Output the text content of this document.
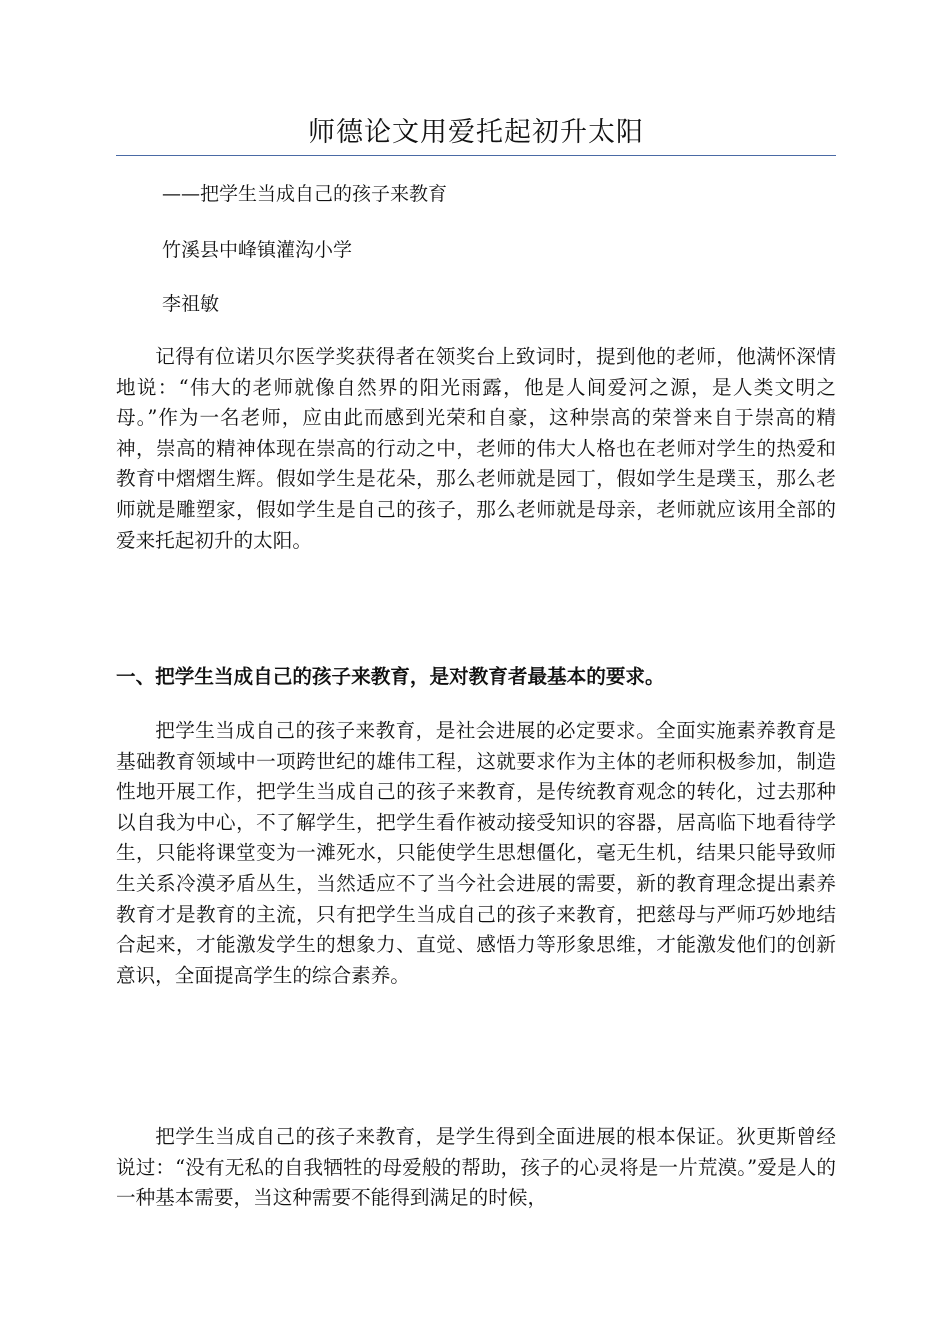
师德论文用爱托起初升太阳

——把学生当成自己的孩子来教育

竹溪县中峰镇灌沟小学

李祖敏

记得有位诺贝尔医学奖获得者在领奖台上致词时，提到他的老师，他满怀深情地说：“伟大的老师就像自然界的阳光雨露，他是人间爱河之源，是人类文明之母。”作为一名老师，应由此而感到光荣和自豪，这种崇高的荣誉来自于崇高的精神，崇高的精神体现在崇高的行动之中，老师的伟大人格也在老师对学生的热爱和教育中熠熠生辉。假如学生是花朵，那么老师就是园丁，假如学生是璞玉，那么老师就是雕塑家，假如学生是自己的孩子，那么老师就是母亲，老师就应该用全部的爱来托起初升的太阳。

一、把学生当成自己的孩子来教育，是对教育者最基本的要求。

把学生当成自己的孩子来教育，是社会进展的必定要求。全面实施素养教育是基础教育领域中一项跨世纪的雄伟工程，这就要求作为主体的老师积极参加，制造性地开展工作，把学生当成自己的孩子来教育，是传统教育观念的转化，过去那种以自我为中心，不了解学生，把学生看作被动接受知识的容器，居高临下地看待学生，只能将课堂变为一滩死水，只能使学生思想僵化，毫无生机，结果只能导致师生关系冷漠矛盾丛生，当然适应不了当今社会进展的需要，新的教育理念提出素养教育才是教育的主流，只有把学生当成自己的孩子来教育，把慈母与严师巧妙地结合起来，才能激发学生的想象力、直觉、感悟力等形象思维，才能激发他们的创新意识，全面提高学生的综合素养。

把学生当成自己的孩子来教育，是学生得到全面进展的根本保证。狄更斯曾经说过：“没有无私的自我牺牲的母爱般的帮助，孩子的心灵将是一片荒漠。”爱是人的一种基本需要，当这种需要不能得到满足的时候，
